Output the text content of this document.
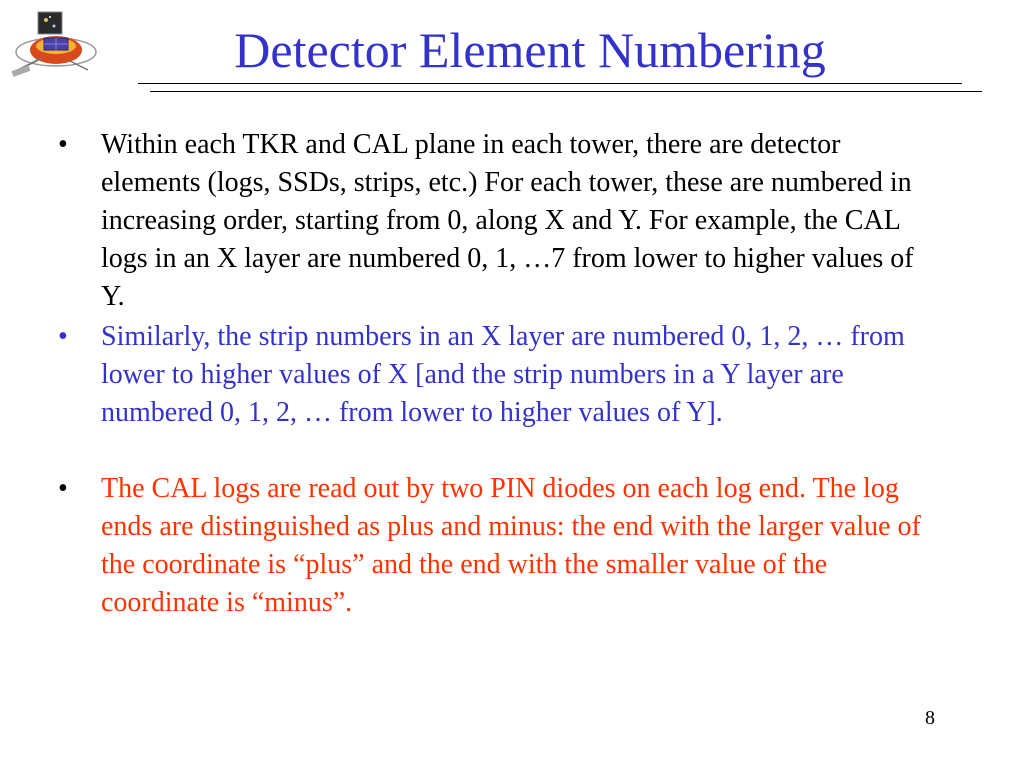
Detector Element Numbering
• Within each TKR and CAL plane in each tower, there are detector elements (logs, SSDs, strips, etc.) For each tower, these are numbered in increasing order, starting from 0, along X and Y. For example, the CAL logs in an X layer are numbered 0, 1, …7 from lower to higher values of Y.
• Similarly, the strip numbers in an X layer are numbered 0, 1, 2, … from lower to higher values of X [and the strip numbers in a Y layer are numbered 0, 1, 2, … from lower to higher values of Y].
• The CAL logs are read out by two PIN diodes on each log end. The log ends are distinguished as plus and minus: the end with the larger value of the coordinate is “plus” and the end with the smaller value of the coordinate is “minus”.
8
